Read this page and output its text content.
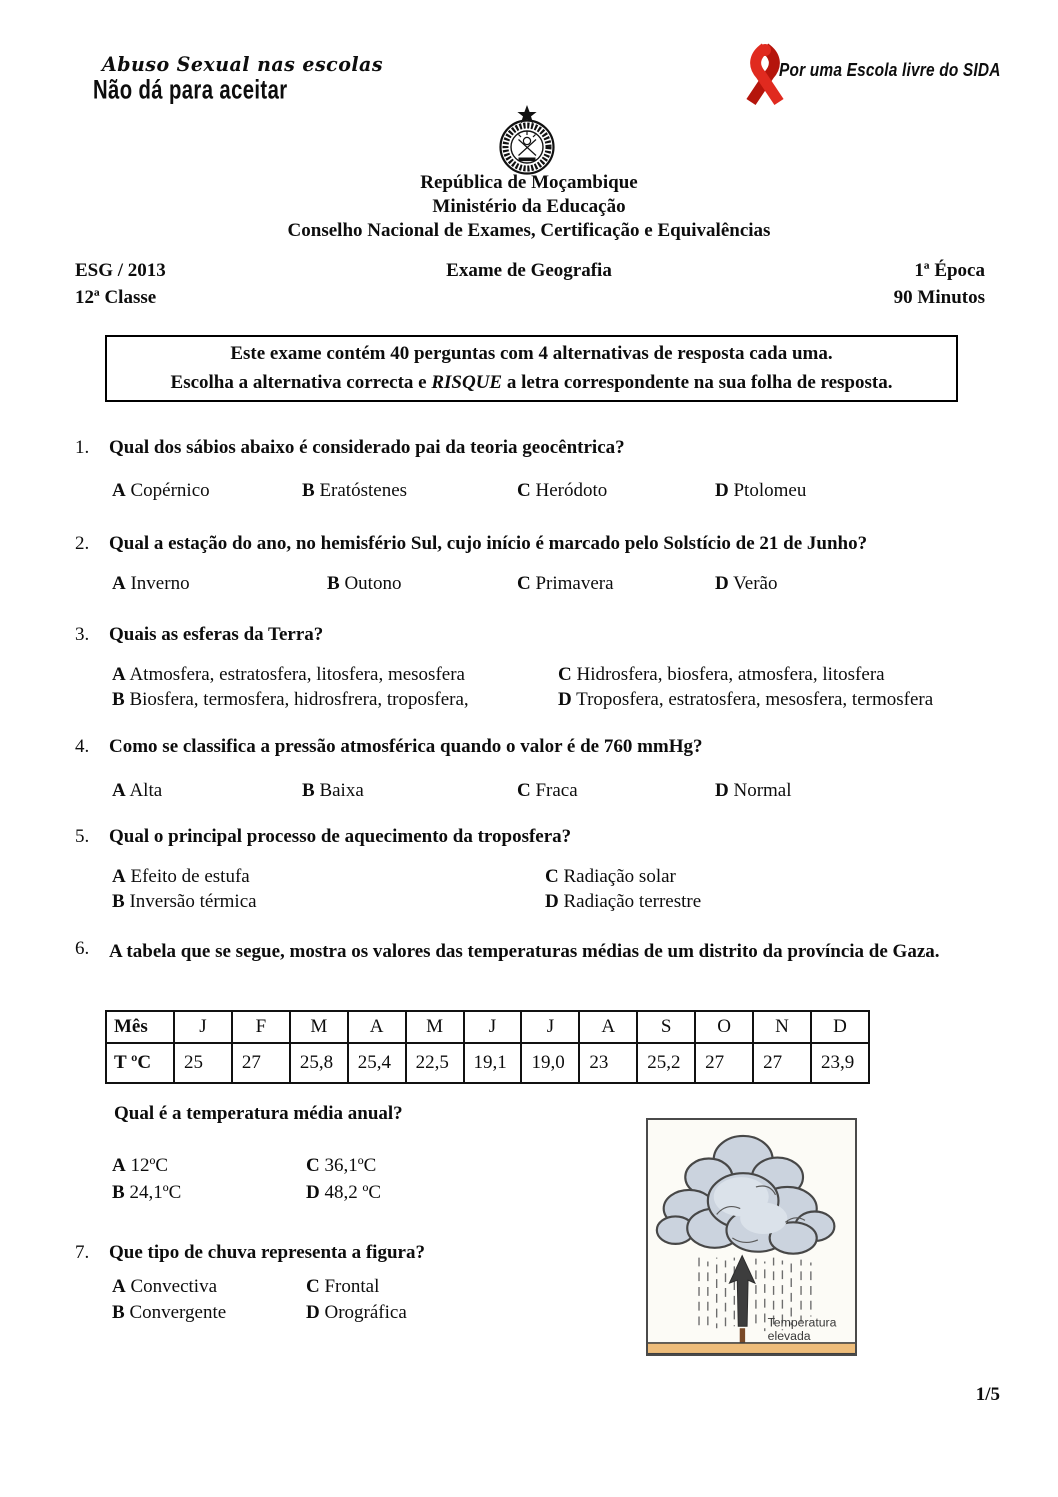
Abuso Sexual nas escolas
Não dá para aceitar
Por uma Escola livre do SIDA
República de Moçambique
Ministério da Educação
Conselho Nacional de Exames, Certificação e Equivalências
ESG / 2013	Exame de Geografia	1ª Época
12ª Classe	90 Minutos
Este exame contém 40 perguntas com 4 alternativas de resposta cada uma.
Escolha a alternativa correcta e RISQUE a letra correspondente na sua folha de resposta.
1.	Qual dos sábios abaixo é considerado pai da teoria geocêntrica?
A Copérnico	B Eratóstenes	C Heródoto	D Ptolomeu
2.	Qual a estação do ano, no hemisfério Sul, cujo início é marcado pelo Solstício de 21 de Junho?
A Inverno	B Outono	C Primavera	D Verão
3.	Quais as esferas da Terra?
A Atmosfera, estratosfera, litosfera, mesosfera
B Biosfera, termosfera, hidrosfrera, troposfera,
C Hidrosfera, biosfera, atmosfera, litosfera
D Troposfera, estratosfera, mesosfera, termosfera
4.	Como se classifica a pressão atmosférica quando o valor é de 760 mmHg?
A Alta	B Baixa	C Fraca	D Normal
5.	Qual o principal processo de aquecimento da troposfera?
A Efeito de estufa
B Inversão térmica
C Radiação solar
D Radiação terrestre
6.	A tabela que se segue, mostra os valores das temperaturas médias de um distrito da província de Gaza.
Mês	J	F	M	A	M	J	J	A	S	O	N	D
T ºC	25	27	25,8	25,4	22,5	19,1	19,0	23	25,2	27	27	23,9
Qual é a temperatura média anual?
A 12ºC
B 24,1ºC
C 36,1ºC
D 48,2 ºC
7.	Que tipo de chuva representa a figura?
A Convectiva
B Convergente
C Frontal
D Orográfica	Temperatura
elevada
1/5
